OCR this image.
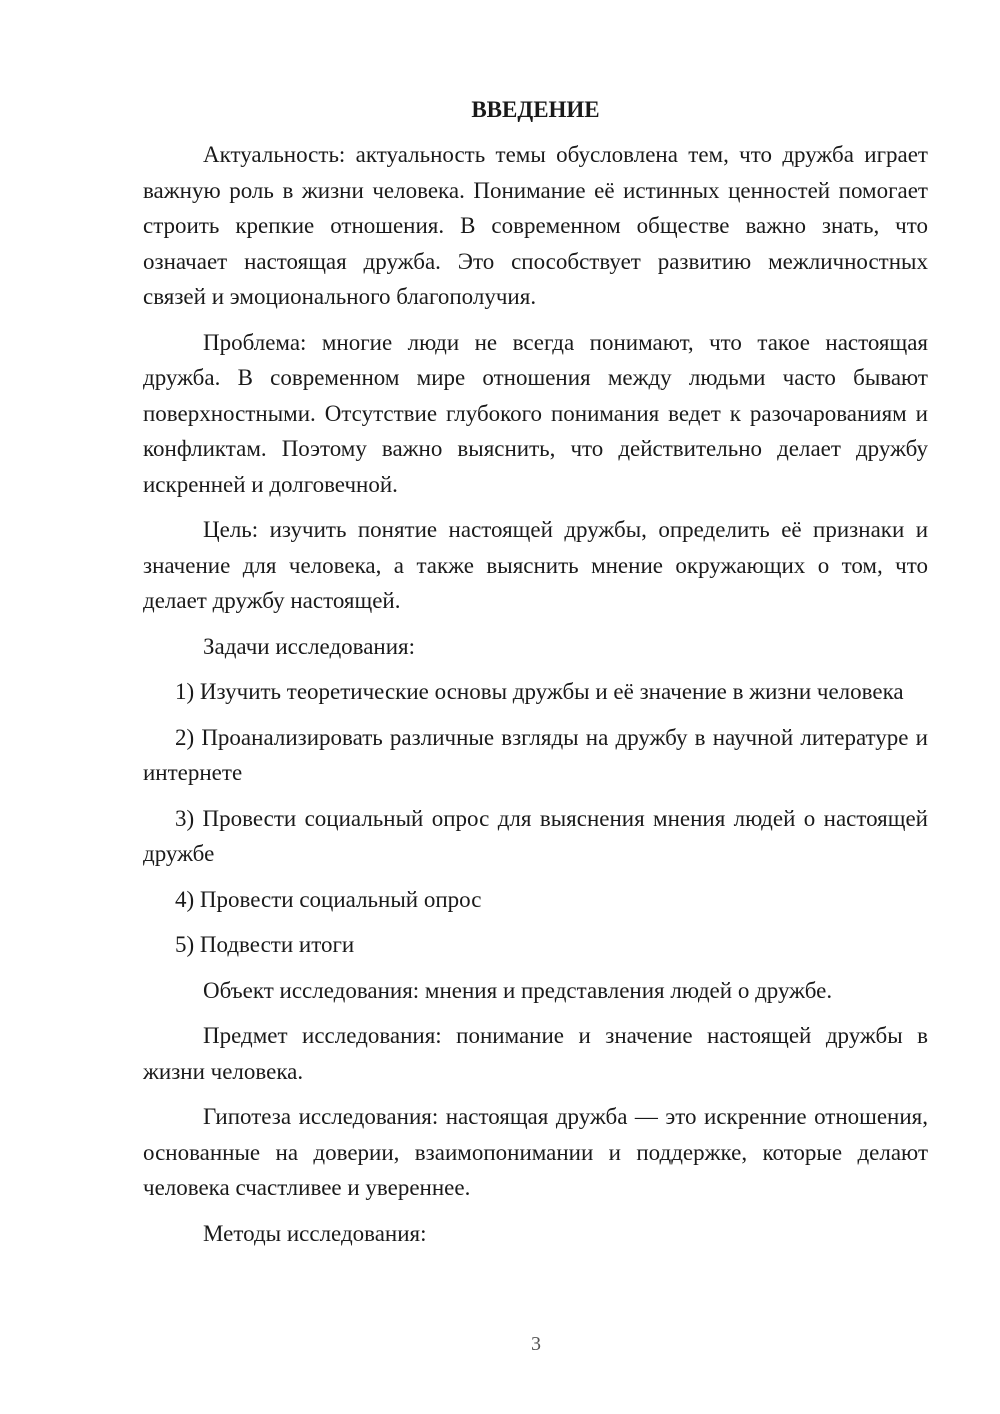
ВВЕДЕНИЕ

Актуальность: актуальность темы обусловлена тем, что дружба играет важную роль в жизни человека. Понимание её истинных ценностей помогает строить крепкие отношения. В современном обществе важно знать, что означает настоящая дружба. Это способствует развитию межличностных связей и эмоционального благополучия.

Проблема: многие люди не всегда понимают, что такое настоящая дружба. В современном мире отношения между людьми часто бывают поверхностными. Отсутствие глубокого понимания ведет к разочарованиям и конфликтам. Поэтому важно выяснить, что действительно делает дружбу искренней и долговечной.

Цель: изучить понятие настоящей дружбы, определить её признаки и значение для человека, а также выяснить мнение окружающих о том, что делает дружбу настоящей.

Задачи исследования:

1) Изучить теоретические основы дружбы и её значение в жизни человека

2) Проанализировать различные взгляды на дружбу в научной литературе и интернете

3) Провести социальный опрос для выяснения мнения людей о настоящей дружбе

4) Провести социальный опрос

5) Подвести итоги

Объект исследования: мнения и представления людей о дружбе.

Предмет исследования: понимание и значение настоящей дружбы в жизни человека.

Гипотеза исследования: настоящая дружба — это искренние отношения, основанные на доверии, взаимопонимании и поддержке, которые делают человека счастливее и увереннее.

Методы исследования:

3
